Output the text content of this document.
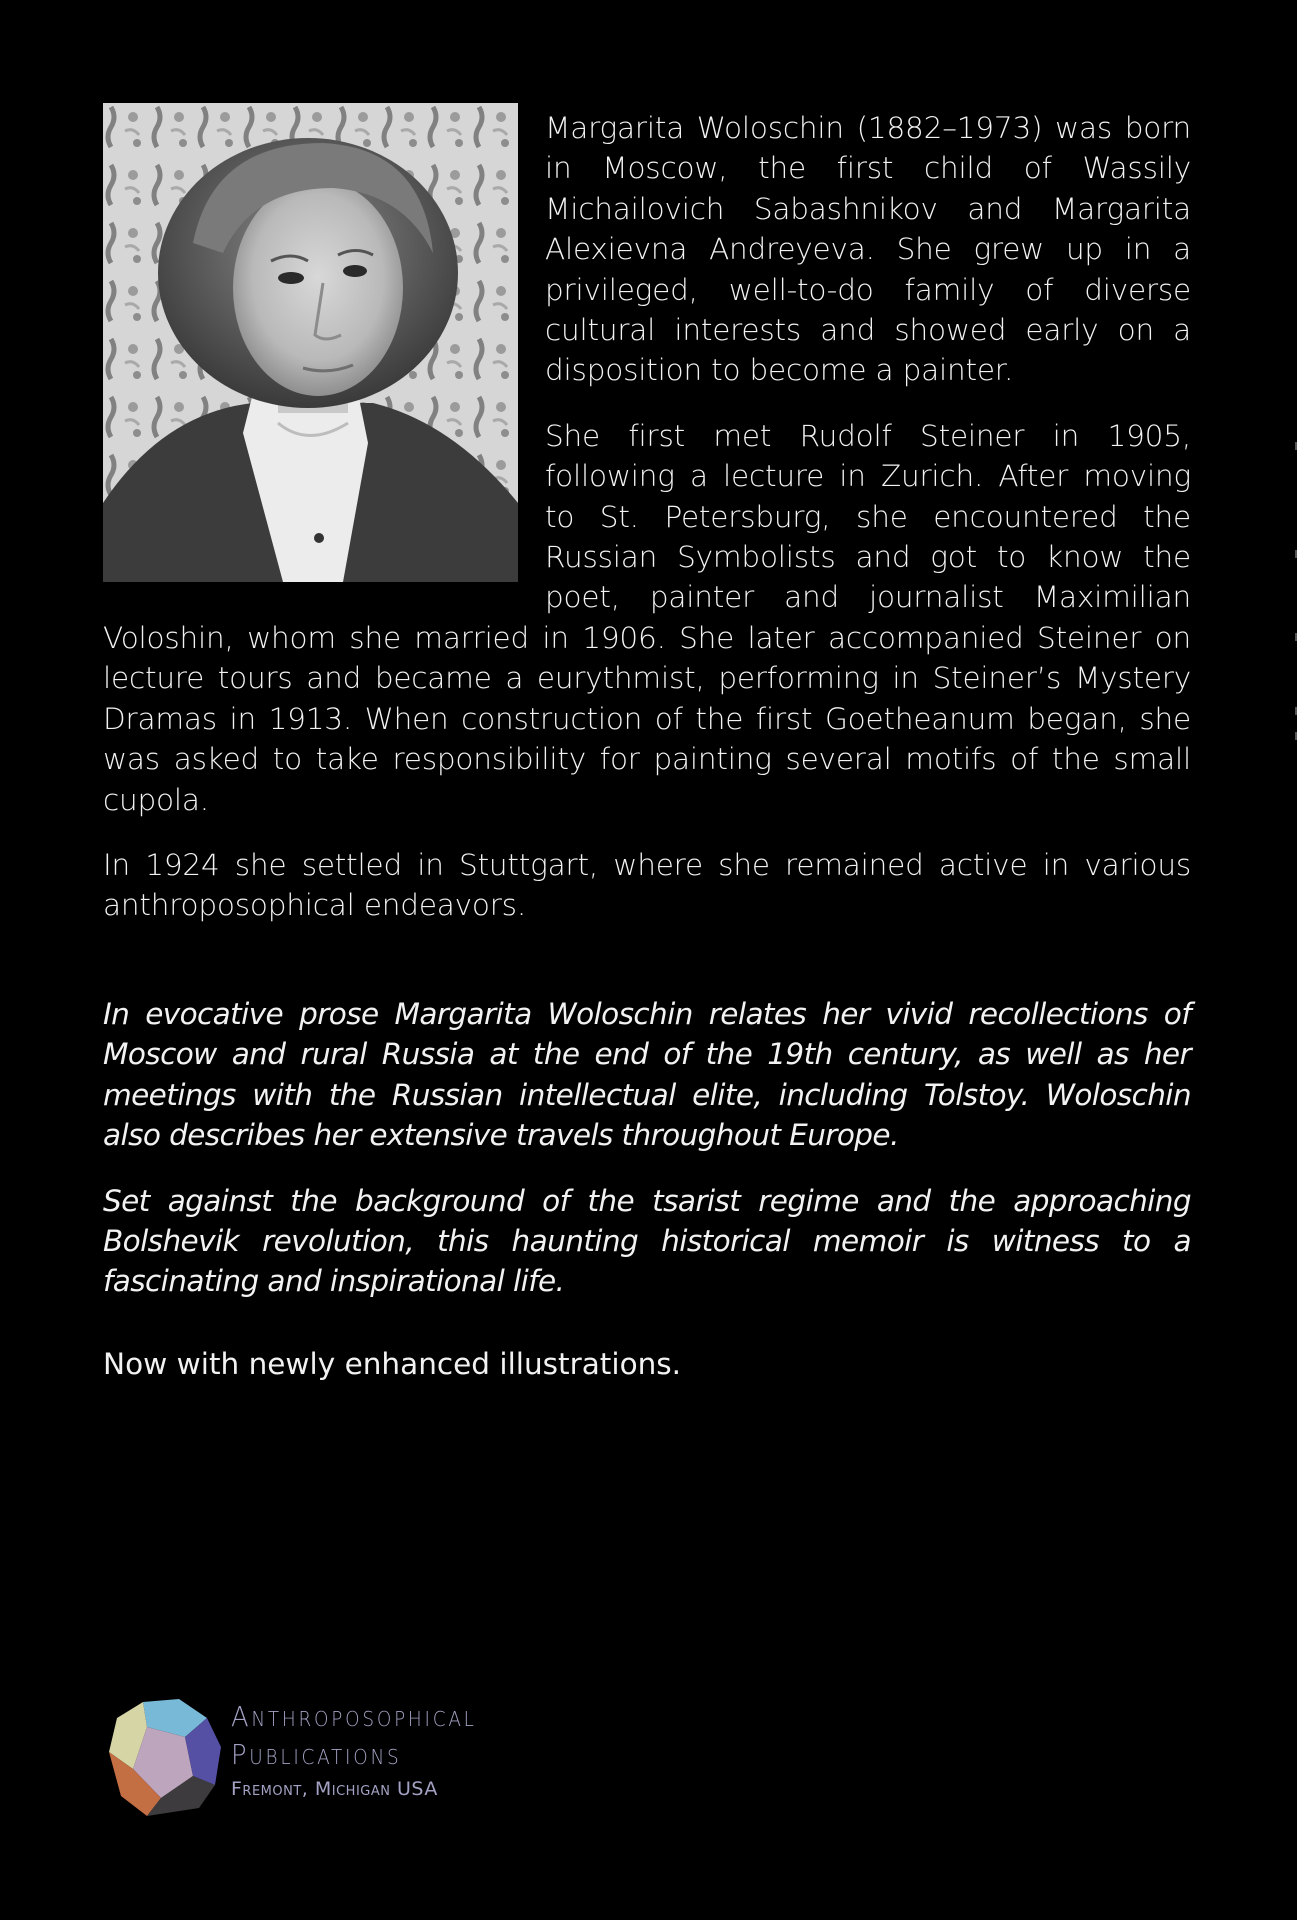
Margarita Woloschin (1882–1973) was born in Moscow, the first child of Wassily Michailovich Sabashnikov and Margarita Alexievna Andreyeva. She grew up in a privileged, well-to-do family of diverse cultural interests and showed early on a disposition to become a painter.

She first met Rudolf Steiner in 1905, following a lecture in Zurich. After moving to St. Petersburg, she encountered the Russian Symbolists and got to know the poet, painter and journalist Maximilian Voloshin, whom she married in 1906. She later accompanied Steiner on lecture tours and became a eurythmist, performing in Steiner’s Mystery Dramas in 1913. When construction of the first Goetheanum began, she was asked to take responsibility for painting several motifs of the small cupola.

In 1924 she settled in Stuttgart, where she remained active in various anthroposophical endeavors.

In evocative prose Margarita Woloschin relates her vivid recollections of Moscow and rural Russia at the end of the 19th century, as well as her meetings with the Russian intellectual elite, including Tolstoy. Woloschin also describes her extensive travels throughout Europe.

Set against the background of the tsarist regime and the approaching Bolshevik revolution, this haunting historical memoir is witness to a fascinating and inspirational life.

Now with newly enhanced illustrations.
Anthroposophical
Publications
Fremont, Michigan USA
